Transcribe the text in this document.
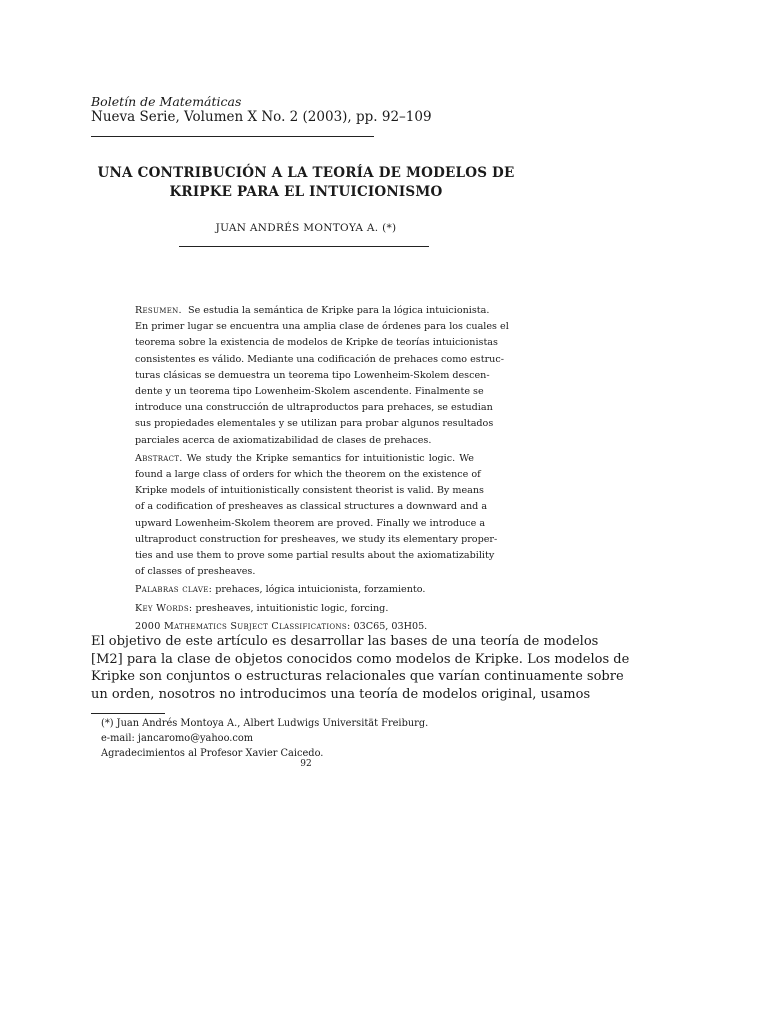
Boletín de Matemáticas
Nueva Serie, Volumen X No. 2 (2003), pp. 92–109
UNA CONTRIBUCIÓN A LA TEORÍA DE MODELOS DE
KRIPKE PARA EL INTUICIONISMO
JUAN ANDRÉS MONTOYA A. (*)
Resumen. Se estudia la semántica de Kripke para la lógica intuicionista.
En primer lugar se encuentra una amplia clase de órdenes para los cuales el
teorema sobre la existencia de modelos de Kripke de teorías intuicionistas
consistentes es válido. Mediante una codificación de prehaces como estruc-
turas clásicas se demuestra un teorema tipo Lowenheim-Skolem descen-
dente y un teorema tipo Lowenheim-Skolem ascendente. Finalmente se
introduce una construcción de ultraproductos para prehaces, se estudian
sus propiedades elementales y se utilizan para probar algunos resultados
parciales acerca de axiomatizabilidad de clases de prehaces.
Abstract. We study the Kripke semantics for intuitionistic logic. We
found a large class of orders for which the theorem on the existence of
Kripke models of intuitionistically consistent theorist is valid. By means
of a codification of presheaves as classical structures a downward and a
upward Lowenheim-Skolem theorem are proved. Finally we introduce a
ultraproduct construction for presheaves, we study its elementary proper-
ties and use them to prove some partial results about the axiomatizability
of classes of presheaves.
Palabras clave: prehaces, lógica intuicionista, forzamiento.
Key Words: presheaves, intuitionistic logic, forcing.
2000 Mathematics Subject Classifications: 03C65, 03H05.
El objetivo de este artículo es desarrollar las bases de una teoría de modelos
[M2] para la clase de objetos conocidos como modelos de Kripke. Los modelos de
Kripke son conjuntos o estructuras relacionales que varían continuamente sobre
un orden, nosotros no introducimos una teoría de modelos original, usamos
(*) Juan Andrés Montoya A., Albert Ludwigs Universität Freiburg.
e-mail: jancaromo@yahoo.com
Agradecimientos al Profesor Xavier Caicedo.
92
